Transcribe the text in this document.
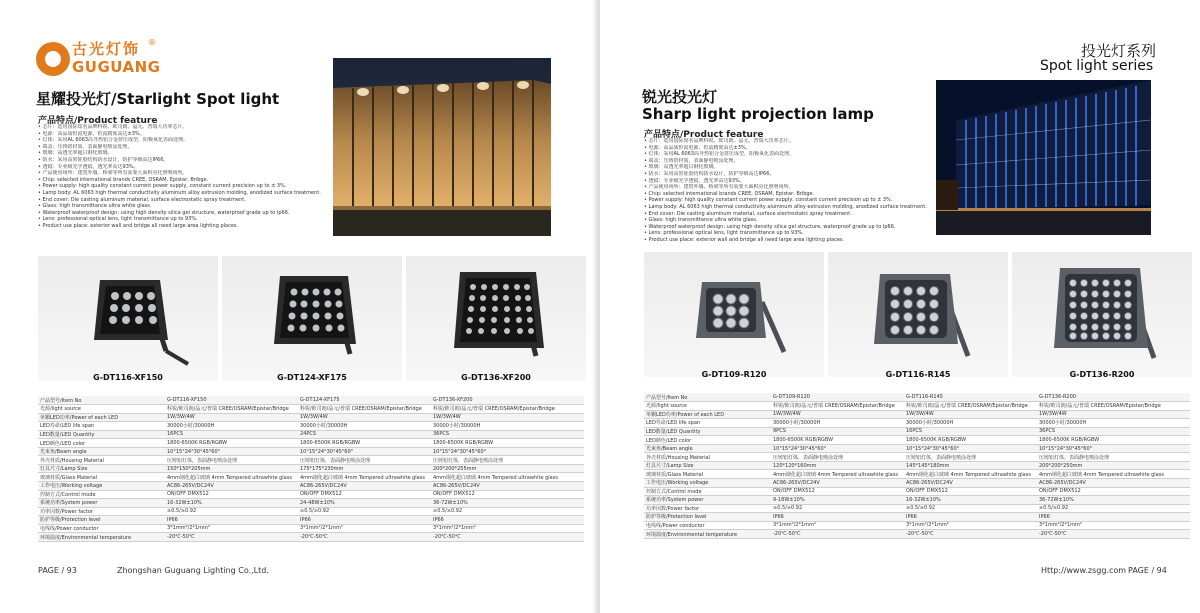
古光灯饰
GUGUANG
®
星耀投光灯/Starlight Spot light
产品特点/Product feature
• 芯片：选用国际知名品牌科锐、欧司朗、晶元、普瑞大功率芯片。
• 电源：高品质恒流电源，恒流精度高达±3%。
• 灯体：采用AL 6063高导热铝合金挤压成型，阳极氧化表面处理。
• 端盖：压铸铝材质，表面静电喷涂处理。
• 玻璃：高透光率超白钢化玻璃。
• 防水：采用高密硅胶结构防水设计，防护等级高达IP66。
• 透镜：专业级光学透镜，透光率高达93%。
• 产品使用场所：建筑外墙、桥梁等所有需要大面积亮化照明场所。
• Chip: selected international brands CREE, OSRAM, Epistar, Bribge.
• Power supply: high quality constant current power supply, constant current precision up to ± 3%.
• Lamp body: AL 6063 high thermal conductivity aluminum alloy extrusion molding, anodized surface treatment.
• End cover: Die casting aluminum material, surface electrostatic spray treatment.
• Glass: high transmittance ultra white glass.
• Waterproof waterproof design: using high density silica gel structure, waterproof grade up to Ip66.
• Lens: professional optical lens, light transmittance up to 93%.
• Product use place: exterior wall and bridge all need large area lighting places.
G-DT116-XF150	G-DT124-XF175	G-DT136-XF200
产品型号/Item No	G-DT116-XF150	G-DT124-XF175	G-DT136-XF200
光源/light source	科锐/欧司朗/晶元/普瑞 CREE/OSRAM/Epistar/Bridge	科锐/欧司朗/晶元/普瑞 CREE/OSRAM/Epistar/Bridge	科锐/欧司朗/晶元/普瑞 CREE/OSRAM/Epistar/Bridge
单颗LED功率/Power of each LED	1W/3W/4W	1W/3W/4W	1W/3W/4W
LED寿命/LED life span	30000小时/30000H	30000小时/30000H	30000小时/30000H
LED数量/LED Quantity	16PCS	24PCS	36PCS
LED颜色/LED color	1800-6500K RGB/RGBW	1800-6500K RGB/RGBW	1800-6500K RGB/RGBW
光束角/Beam angle	10°15°24°30°45°60°	10°15°24°30°45°60°	10°15°24°30°45°60°
外壳材质/Housing Material	压铸铝灯体，表面静电喷涂处理	压铸铝灯体，表面静电喷涂处理	压铸铝灯体，表面静电喷涂处理
灯具尺寸/Lamp Size	150*150*205mm	175*175*230mm	200*200*255mm
玻璃材质/Glass Material	4mm钢化超白玻璃 4mm Tempered ultrawhite glass	4mm钢化超白玻璃 4mm Tempered ultrawhite glass	4mm钢化超白玻璃 4mm Tempered ultrawhite glass
工作电压/Working voltage	AC86-265V/DC24V	AC86-265V/DC24V	AC86-265V/DC24V
控制方式/Control mode	ON/OFF DMX512	ON/OFF DMX512	ON/OFF DMX512
系统功率/System power	16-32W±10%	24-48W±10%	36-72W±10%
功率因数/Power factor	≥0.5/≥0.92	≥0.5/≥0.92	≥0.5/≥0.92
防护等级/Protection level	IP66	IP66	IP66
电线线/Power conductor	3*1mm²/2*1mm²	3*1mm²/2*1mm²	3*1mm²/2*1mm²
环境温度/Environmental temperature	-20℃-50℃	-20℃-50℃	-20℃-50℃
PAGE / 93	Zhongshan Guguang Lighting Co.,Ltd.
锐光投光灯
Sharp light projection lamp
产品特点/Product feature
• 芯片：选用国际知名品牌科锐、欧司朗、晶元、普瑞大功率芯片。
• 电源：高品质恒流电源，恒流精度高达±3%。
• 灯体：采用AL 6063高导热铝合金挤压成型，阳极氧化表面处理。
• 端盖：压铸铝材质，表面静电喷涂处理。
• 玻璃：高透光率超白钢化玻璃。
• 防水：采用高密硅胶结构防水设计，防护等级高达IP66。
• 透镜：专业级光学透镜，透光率高达93%。
• 产品使用场所：建筑外墙、桥梁等所有需要大面积亮化照明场所。
• Chip: selected international brands CREE, OSRAM, Epistar, Bribge.
• Power supply: high quality constant current power supply, constant current precision up to ± 3%.
• Lamp body: AL 6063 high thermal conductivity aluminum alloy extrusion molding, anodized surface treatment.
• End cover: Die casting aluminum material, surface electrostatic spray treatment.
• Glass: high transmittance ultra white glass.
• Waterproof waterproof design: using high density silica gel structure, waterproof grade up to Ip66.
• Lens: professional optical lens, light transmittance up to 93%.
• Product use place: exterior wall and bridge all need large area lighting places.
G-DT109-R120	G-DT116-R145	G-DT136-R200
产品型号/Item No	G-DT109-R120	G-DT116-R145	G-DT136-R200
光源/light source	科锐/欧司朗/晶元/普瑞 CREE/OSRAM/Epistar/Bridge	科锐/欧司朗/晶元/普瑞 CREE/OSRAM/Epistar/Bridge	科锐/欧司朗/晶元/普瑞 CREE/OSRAM/Epistar/Bridge
单颗LED功率/Power of each LED	1W/3W/4W	1W/3W/4W	1W/3W/4W
LED寿命/LED life span	30000小时/30000H	30000小时/30000H	30000小时/30000H
LED数量/LED Quantity	9PCS	16PCS	36PCS
LED颜色/LED color	1800-6500K RGB/RGBW	1800-6500K RGB/RGBW	1800-6500K RGB/RGBW
光束角/Beam angle	10°15°24°30°45°60°	10°15°24°30°45°60°	10°15°24°30°45°60°
外壳材质/Housing Material	压铸铝灯体，表面静电喷涂处理	压铸铝灯体，表面静电喷涂处理	压铸铝灯体，表面静电喷涂处理
灯具尺寸/Lamp Size	120*120*160mm	145*145*180mm	200*200*250mm
玻璃材质/Glass Material	4mm钢化超白玻璃 4mm Tempered ultrawhite glass	4mm钢化超白玻璃 4mm Tempered ultrawhite glass	4mm钢化超白玻璃 4mm Tempered ultrawhite glass
工作电压/Working voltage	AC86-265V/DC24V	AC86-265V/DC24V	AC86-265V/DC24V
控制方式/Control mode	ON/OFF DMX512	ON/OFF DMX512	ON/OFF DMX512
系统功率/System power	9-18W±10%	16-32W±10%	36-72W±10%
功率因数/Power factor	≥0.5/≥0.92	≥0.5/≥0.92	≥0.5/≥0.92
防护等级/Protection level	IP66	IP66	IP66
电线线/Power conductor	3*1mm²/2*1mm²	3*1mm²/2*1mm²	3*1mm²/2*1mm²
环境温度/Environmental temperature	-20℃-50℃	-20℃-50℃	-20℃-50℃
Http://www.zsgg.com PAGE / 94
投光灯系列
Spot light series
